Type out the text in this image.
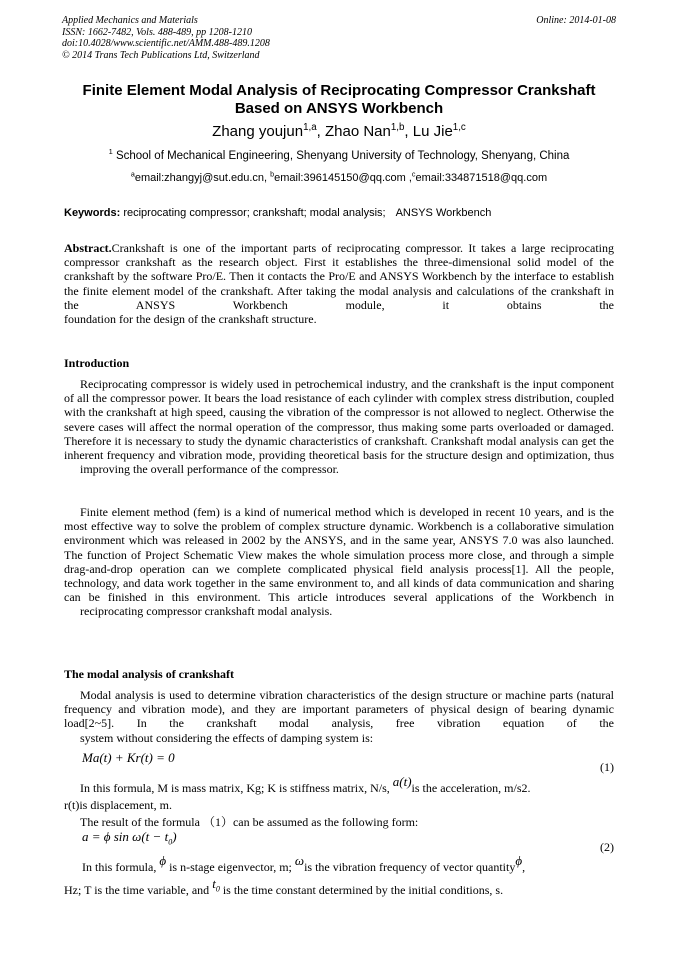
Applied Mechanics and Materials
ISSN: 1662-7482, Vols. 488-489, pp 1208-1210
doi:10.4028/www.scientific.net/AMM.488-489.1208
© 2014 Trans Tech Publications Ltd, Switzerland
Online: 2014-01-08
Finite Element Modal Analysis of Reciprocating Compressor Crankshaft
Based on ANSYS Workbench
Zhang youjun$^{1,a}$, Zhao Nan$^{1,b}$, Lu Jie$^{1,c}$
$^1$ School of Mechanical Engineering, Shenyang University of Technology, Shenyang, China
$^a$email:zhangyj@sut.edu.cn, $^b$email:396145150@qq.com ,$^c$email:334871518@qq.com
Keywords: reciprocating compressor; crankshaft; modal analysis; ANSYS Workbench

Abstract.Crankshaft is one of the important parts of reciprocating compressor. It takes a large reciprocating compressor crankshaft as the research object. First it establishes the three-dimensional solid model of the crankshaft by the software Pro/E. Then it contacts the Pro/E and ANSYS Workbench by the interface to establish the finite element model of the crankshaft. After taking the modal analysis and calculations of the crankshaft in the ANSYS Workbench module, it obtains the
foundation for the design of the crankshaft structure.

Introduction

Reciprocating compressor is widely used in petrochemical industry, and the crankshaft is the input component of all the compressor power. It bears the load resistance of each cylinder with complex stress distribution, coupled with the crankshaft at high speed, causing the vibration of the compressor is not allowed to neglect. Otherwise the severe cases will affect the normal operation of the compressor, thus making some parts overloaded or damaged. Therefore it is necessary to study the dynamic characteristics of crankshaft. Crankshaft modal analysis can get the inherent frequency and vibration mode, providing theoretical basis for the structure design and optimization, thus
improving the overall performance of the compressor.

Finite element method (fem) is a kind of numerical method which is developed in recent 10 years, and is the most effective way to solve the problem of complex structure dynamic. Workbench is a collaborative simulation environment which was released in 2002 by the ANSYS, and in the same year, ANSYS 7.0 was also launched. The function of Project Schematic View makes the whole simulation process more close, and through a simple drag-and-drop operation can we complete complicated physical field analysis process[1]. All the people, technology, and data work together in the same environment to, and all kinds of data communication and sharing can be finished in this environment. This article introduces several applications of the Workbench in
reciprocating compressor crankshaft modal analysis.

The modal analysis of crankshaft

Modal analysis is used to determine vibration characteristics of the design structure or machine parts (natural frequency and vibration mode), and they are important parameters of physical design of bearing dynamic load[2~5]. In the crankshaft modal analysis, free vibration equation of the
system without considering the effects of damping system is:

Ma(t) + Kr(t) = 0
(1)
In this formula, M is mass matrix, Kg; K is stiffness matrix, N/s, a(t)is the acceleration, m/s2.
r(t)is displacement, m.
The result of the formula （1）can be assumed as the following form:
a = ϕ $\sin \omega(t - t_0)$
(2)
In this formula, ϕ is n-stage eigenvector, m; ωis the vibration frequency of vector quantityϕ,
Hz; T is the time variable, and $t_0$ is the time constant determined by the initial conditions, s.
